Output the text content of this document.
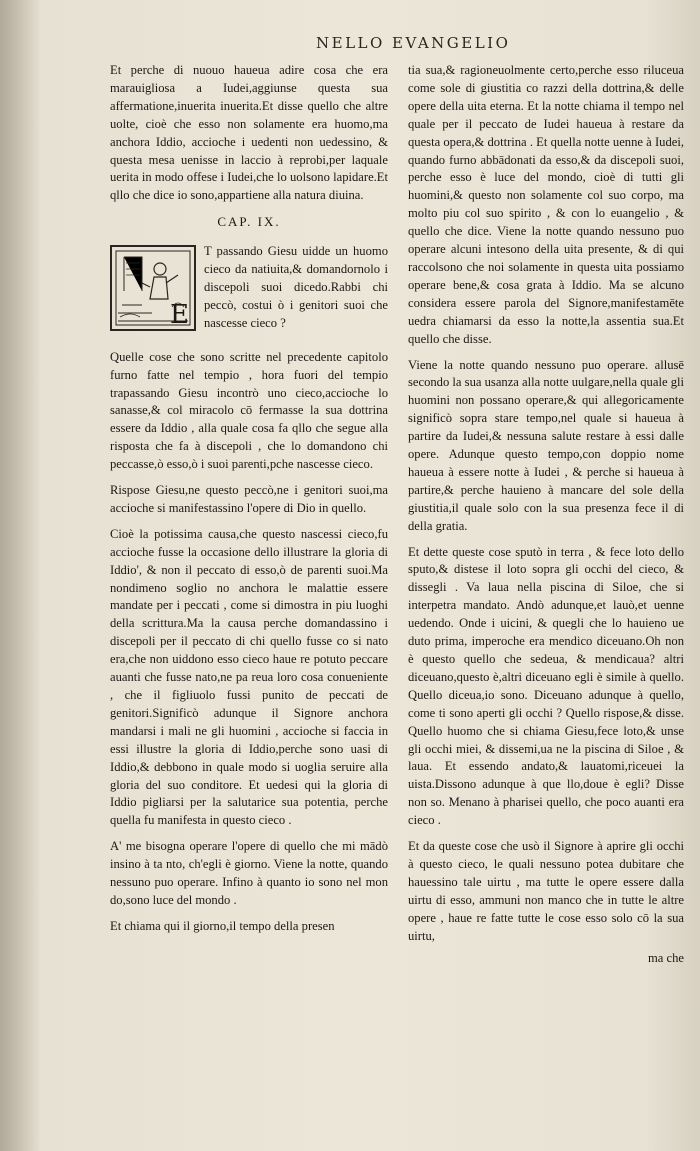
NELLO EVANGELIO

Et perche di nuouo haueua adire cosa che era marauigliosa a Iudei,aggiunse questa sua affermatione,inuerita inuerita.Et disse quello che altre uolte, cioè che esso non solamente era huomo,ma anchora Iddio, accioche i uedenti non uedessino, & questa mesa uenisse in laccio à reprobi,per laquale uerita in modo offese i Iudei,che lo uolsono lapidare.Et qllo che dice io sono,appartiene alla natura diuina.

CAP. IX.
E

T passando Giesu uidde un huomo cieco da natiuita,& domandornolo i discepoli suoi dicedo.Rabbi chi peccò, costui ò i genitori suoi che nascesse cieco ?

Quelle cose che sono scritte nel precedente capitolo furno fatte nel tempio , hora fuori del tempio trapassando Giesu incontrò uno cieco,accioche lo sanasse,& col miracolo cō fermasse la sua dottrina essere da Iddio , alla quale cosa fa qllo che segue alla risposta che fa à discepoli , che lo domandono chi peccasse,ò esso,ò i suoi parenti,pche nascesse cieco.

Rispose Giesu,ne questo peccò,ne i genitori suoi,ma accioche si manifestassino l'opere di Dio in quello.

Cioè la potissima causa,che questo nascessi cieco,fu accioche fusse la occasione dello illustrare la gloria di Iddio', & non il peccato di esso,ò de parenti suoi.Ma nondimeno soglio no anchora le malattie essere mandate per i peccati , come si dimostra in piu luoghi della scrittura.Ma la causa perche domandassino i discepoli per il peccato di chi quello fusse co si nato era,che non uiddono esso cieco haue re potuto peccare auanti che fusse nato,ne pa reua loro cosa conueniente , che il figliuolo fussi punito de peccati de genitori.Significò adunque il Signore anchora mandarsi i mali ne gli huomini , accioche si faccia in essi illustre la gloria di Iddio,perche sono uasi di Iddio,& debbono in quale modo si uoglia seruire alla gloria del suo conditore. Et uedesi qui la gloria di Iddio pigliarsi per la salutarice sua potentia, perche quella fu manifesta in questo cieco .

A' me bisogna operare l'opere di quello che mi mādò insino à ta nto, ch'egli è giorno. Viene la notte, quando nessuno puo operare. Infino à quanto io sono nel mon do,sono luce del mondo .

Et chiama qui il giorno,il tempo della presen

tia sua,& ragioneuolmente certo,perche esso riluceua come sole di giustitia co razzi della dottrina,& delle opere della uita eterna. Et la notte chiama il tempo nel quale per il peccato de Iudei haueua à restare da questa opera,& dottrina . Et quella notte uenne à Iudei, quando furno abbādonati da esso,& da discepoli suoi, perche esso è luce del mondo, cioè di tutti gli huomini,& questo non solamente col suo corpo, ma molto piu col suo spirito , & con lo euangelio , & quello che dice. Viene la notte quando nessuno puo operare alcuni intesono della uita presente, & di qui raccolsono che noi solamente in questa uita possiamo operare bene,& cosa grata à Iddio. Ma se alcuno considera essere parola del Signore,manifestamēte uedra chiamarsi da esso la notte,la assentia sua.Et quello che disse.

Viene la notte quando nessuno puo operare. allusē secondo la sua usanza alla notte uulgare,nella quale gli huomini non possano operare,& qui allegoricamente significò sopra stare tempo,nel quale si haueua à partire da Iudei,& nessuna salute restare à essi dalle opere. Adunque questo tempo,con doppio nome haueua à essere notte à Iudei , & perche si haueua à partire,& perche hauieno à mancare del sole della giustitia,il quale solo con la sua presenza fece il di della gratia.

Et dette queste cose sputò in terra , & fece loto dello sputo,& distese il loto sopra gli occhi del cieco, & dissegli . Va laua nella piscina di Siloe, che si interpetra mandato. Andò adunque,et lauò,et uenne uedendo. Onde i uicini, & quegli che lo hauieno ue duto prima, imperoche era mendico diceuano.Oh non è questo quello che sedeua, & mendicaua? altri diceuano,questo è,altri diceuano egli è simile à quello. Quello diceua,io sono. Diceuano adunque à quello, come ti sono aperti gli occhi ? Quello rispose,& disse. Quello huomo che si chiama Giesu,fece loto,& unse gli occhi miei, & dissemi,ua ne la piscina di Siloe , & laua. Et essendo andato,& lauatomi,riceuei la uista.Dissono adunque à que llo,doue è egli? Disse non so. Menano à pharisei quello, che poco auanti era cieco .

Et da queste cose che usò il Signore à aprire gli occhi à questo cieco, le quali nessuno potea dubitare che hauessino tale uirtu , ma tutte le opere essere dalla uirtu di esso, ammuni non manco che in tutte le altre opere , haue re fatte tutte le cose esso solo cō la sua uirtu,

ma che
